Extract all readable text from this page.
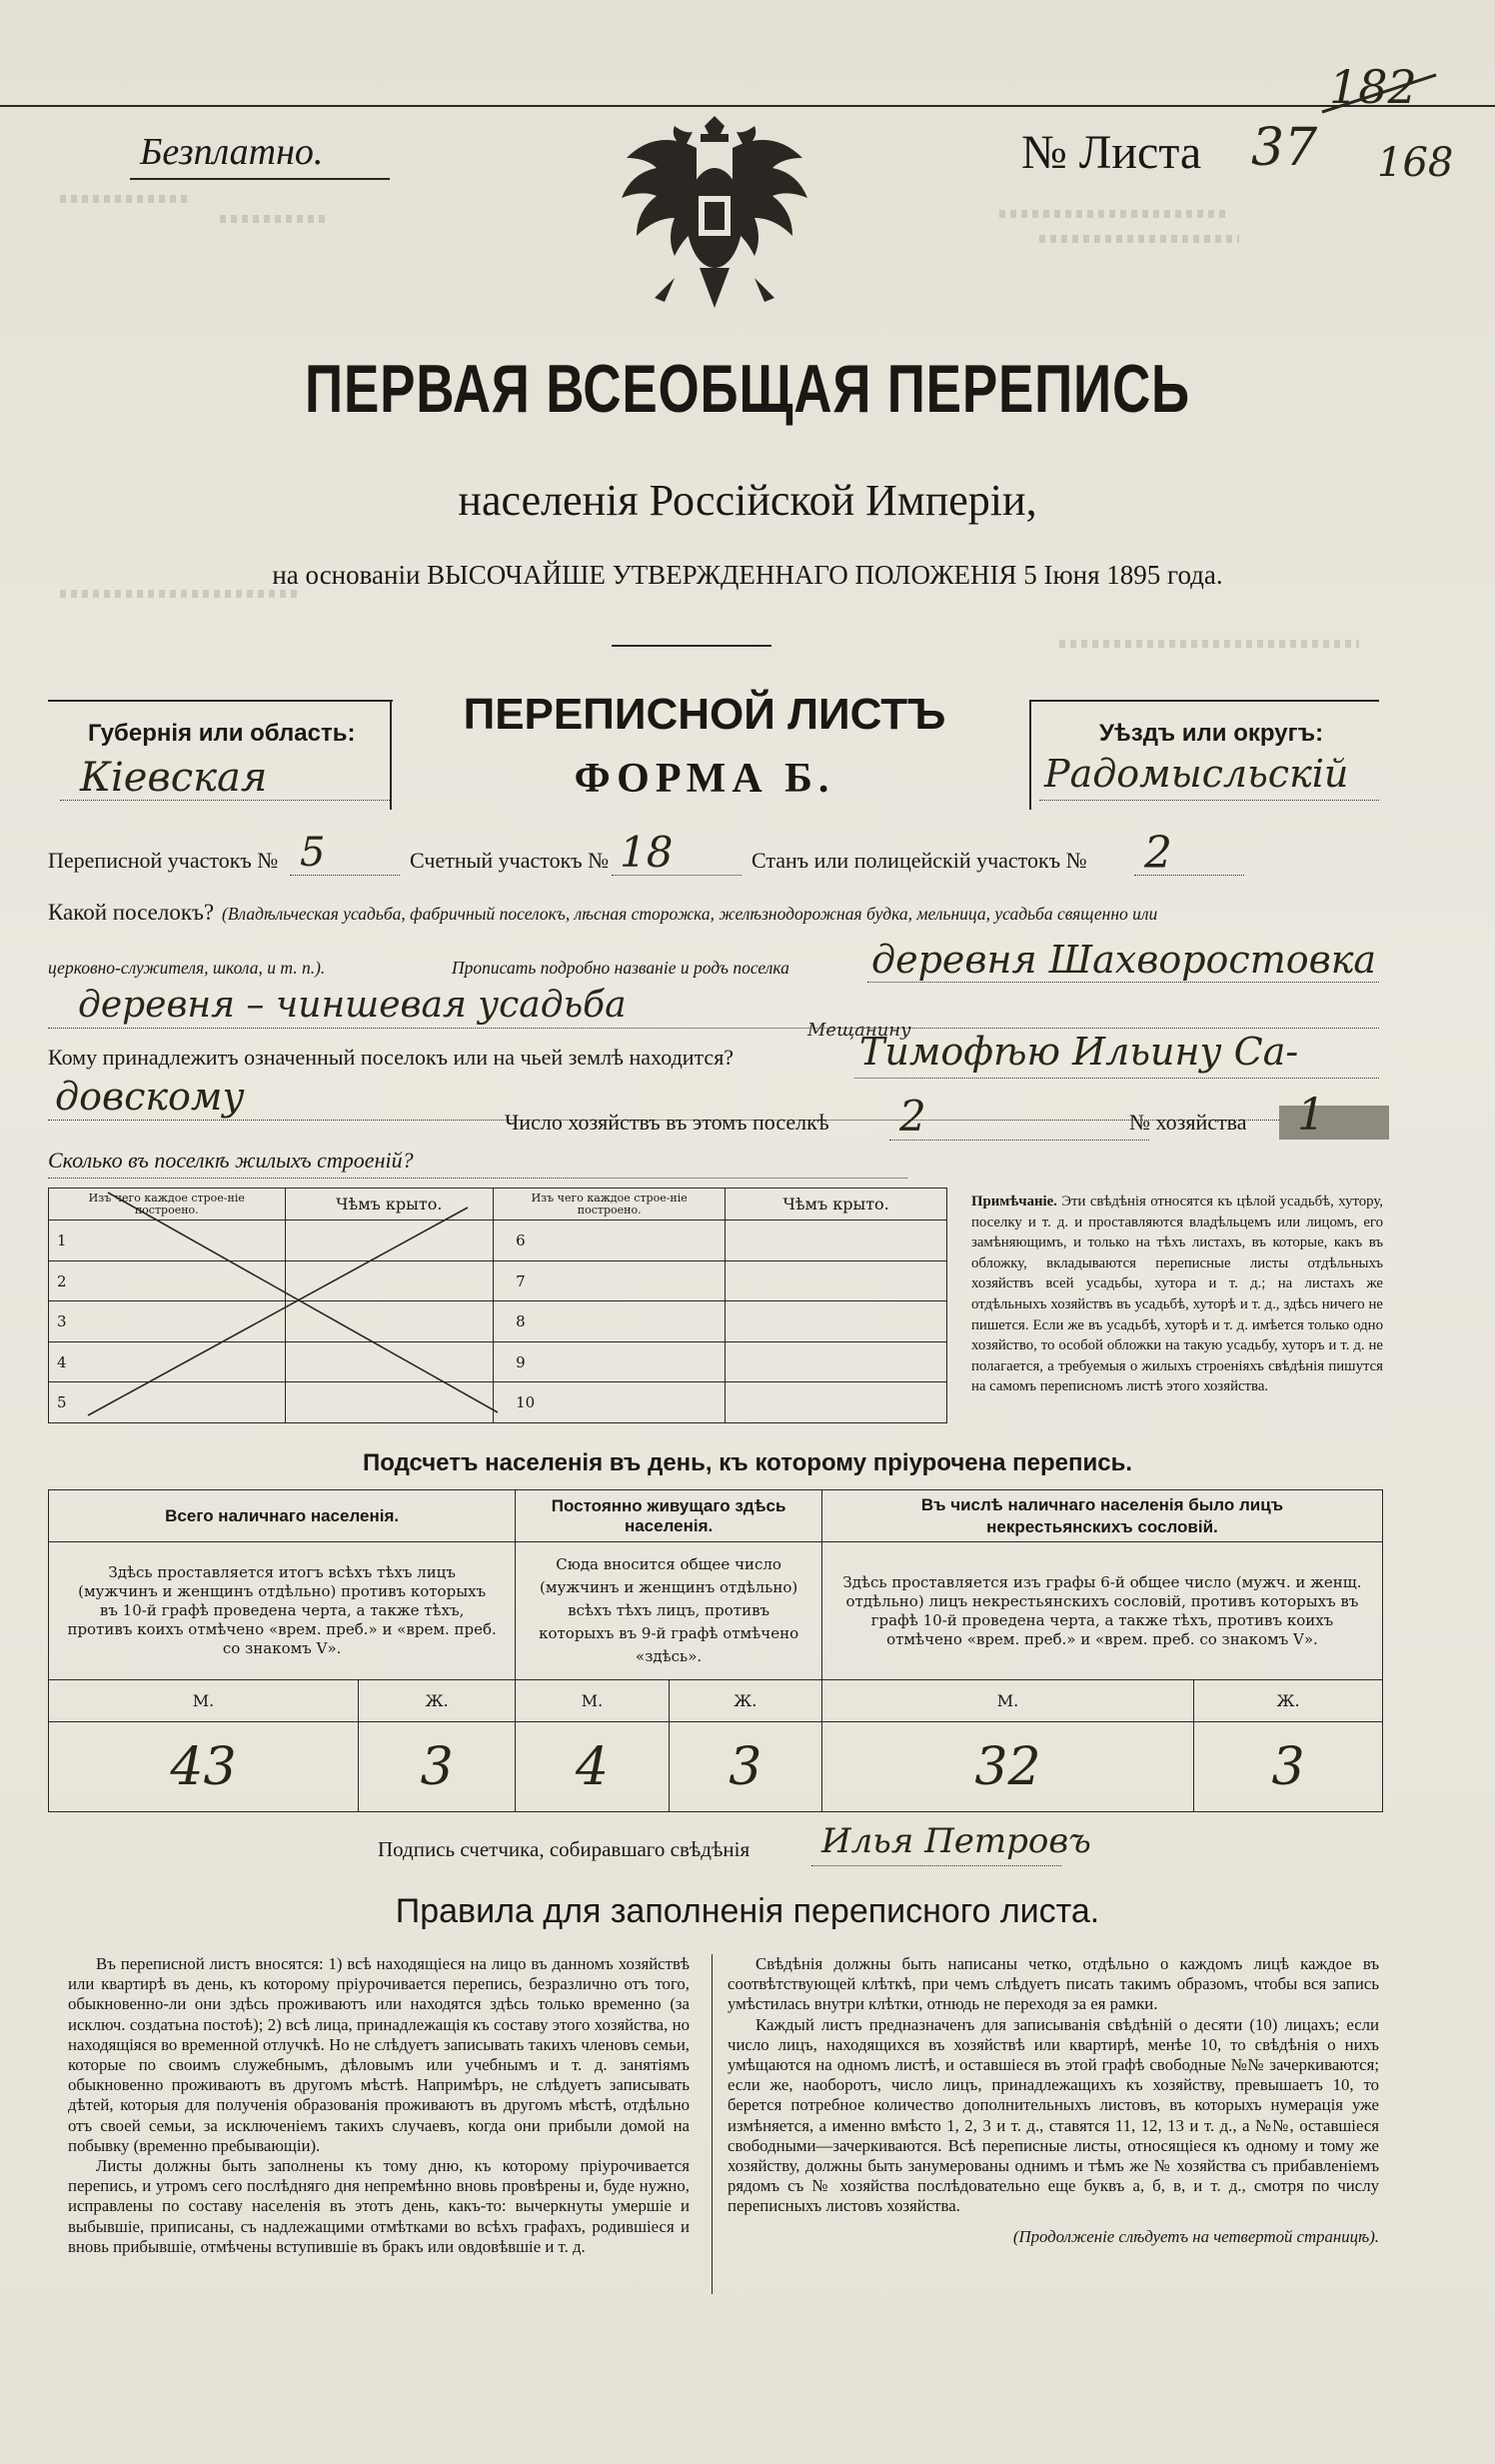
Безплатно.	№ Листа 37
182
168
ПЕРВАЯ ВСЕОБЩАЯ ПЕРЕПИСЬ
населенія Россійской Имперіи,
на основаніи ВЫСОЧАЙШЕ УТВЕРЖДЕННАГО ПОЛОЖЕНІЯ 5 Іюня 1895 года.
Губернія или область:
Кіевская
ПЕРЕПИСНОЙ ЛИСТЪ
ФОРМА Б.
Уѣздъ или округъ:
Радомысльскій
Переписной участокъ № 5	Счетный участокъ № 18	Станъ или полицейскій участокъ № 2
Какой поселокъ? (Владѣльческая усадьба, фабричный поселокъ, лѣсная сторожка, желѣзнодорожная будка, мельница, усадьба священно или
церковно-служителя, школа, и т. п.).	Прописать подробно названіе и родъ поселка деревня Шахворостовка
деревня – чиншевая усадьба
Кому принадлежитъ означенный поселокъ или на чьей землѣ находится?
Мещанину
Тимофѣю Ильину Са-
довскому
Число хозяйствъ въ этомъ поселкѣ 2	№ хозяйства 1
Сколько въ поселкѣ жилыхъ строеній?
Изъ чего каждое строе-ніе построено.	Чѣмъ крыто.	Изъ чего каждое строе-ніе построено.	Чѣмъ крыто.
1		6	
2		7	
3		8	
4		9	
5		10	
Примѣчаніе. Эти свѣдѣнія относятся къ цѣлой усадьбѣ, хутору, поселку и т. д. и проставляются владѣльцемъ или лицомъ, его замѣняющимъ, и только на тѣхъ листахъ, въ которые, какъ въ обложку, вкладываются переписные листы отдѣльныхъ хозяйствъ всей усадьбы, хутора и т. д.; на листахъ же отдѣльныхъ хозяйствъ въ усадьбѣ, хуторѣ и т. д., здѣсь ничего не пишется. Если же въ усадьбѣ, хуторѣ и т. д. имѣется только одно хозяйство, то особой обложки на такую усадьбу, хуторъ и т. д. не полагается, а требуемыя о жилыхъ строеніяхъ свѣдѣнія пишутся на самомъ переписномъ листѣ этого хозяйства.
Подсчетъ населенія въ день, къ которому пріурочена перепись.
Всего наличнаго населенія.		Постоянно живущаго здѣсь населенія.		Въ числѣ наличнаго населенія было лицъ некрестьянскихъ сословій.	
Здѣсь проставляется итогъ всѣхъ тѣхъ лицъ (мужчинъ и женщинъ отдѣльно) противъ которыхъ въ 10-й графѣ проведена черта, а также тѣхъ, противъ коихъ отмѣчено «врем. преб.» и «врем. преб. со знакомъ V».		Сюда вносится общее число (мужчинъ и женщинъ отдѣльно) всѣхъ тѣхъ лицъ, противъ которыхъ въ 9-й графѣ отмѣчено «здѣсь».		Здѣсь проставляется изъ графы 6-й общее число (мужч. и женщ. отдѣльно) лицъ некрестьянскихъ сословій, противъ которыхъ въ графѣ 10-й проведена черта, а также тѣхъ, противъ коихъ отмѣчено «врем. преб.» и «врем. преб. со знакомъ V».	
М.	Ж.	М.	Ж.	М.	Ж.
43	3	4	3	32	3
Подпись счетчика, собиравшаго свѣдѣнія Илья Петровъ
Правила для заполненія переписного листа.

Въ переписной листъ вносятся: 1) всѣ находящіеся на лицо въ данномъ хозяйствѣ или квартирѣ въ день, къ которому пріурочивается перепись, безразлично отъ того, обыкновенно-ли они здѣсь проживаютъ или находятся здѣсь только временно (за исключ. создатьна постоѣ); 2) всѣ лица, принадлежащія къ составу этого хозяйства, но находящіяся во временной отлучкѣ. Но не слѣдуетъ записывать такихъ членовъ семьи, которые по своимъ служебнымъ, дѣловымъ или учебнымъ и т. д. занятіямъ обыкновенно проживаютъ въ другомъ мѣстѣ. Напримѣръ, не слѣдуетъ записывать дѣтей, которыя для полученія образованія проживаютъ въ другомъ мѣстѣ, отдѣльно отъ своей семьи, за исключеніемъ такихъ случаевъ, когда они прибыли домой на побывку (временно пребывающіи).

Листы должны быть заполнены къ тому дню, къ которому пріурочивается перепись, и утромъ сего послѣдняго дня непремѣнно вновь провѣрены и, буде нужно, исправлены по составу населенія въ этотъ день, какъ-то: вычеркнуты умершіе и выбывшіе, приписаны, съ надлежащими отмѣтками во всѣхъ графахъ, родившіеся и вновь прибывшіе, отмѣчены вступившіе въ бракъ или овдовѣвшіе и т. д.

Свѣдѣнія должны быть написаны четко, отдѣльно о каждомъ лицѣ каждое въ соотвѣтствующей клѣткѣ, при чемъ слѣдуетъ писать такимъ образомъ, чтобы вся запись умѣстилась внутри клѣтки, отнюдь не переходя за ея рамки.

Каждый листъ предназначенъ для записыванія свѣдѣній о десяти (10) лицахъ; если число лицъ, находящихся въ хозяйствѣ или квартирѣ, менѣе 10, то свѣдѣнія о нихъ умѣщаются на одномъ листѣ, и оставшіеся въ этой графѣ свободные №№ зачеркиваются; если же, наоборотъ, число лицъ, принадлежащихъ къ хозяйству, превышаетъ 10, то берется потребное количество дополнительныхъ листовъ, въ которыхъ нумерація уже измѣняется, а именно вмѣсто 1, 2, 3 и т. д., ставятся 11, 12, 13 и т. д., а №№, оставшіеся свободными—зачеркиваются. Всѣ переписные листы, относящіеся къ одному и тому же хозяйству, должны быть занумерованы однимъ и тѣмъ же № хозяйства съ прибавленіемъ рядомъ съ № хозяйства послѣдовательно еще буквъ а, б, в, и т. д., смотря по числу переписныхъ листовъ хозяйства.

(Продолженіе слѣдуетъ на четвертой страницѣ).
